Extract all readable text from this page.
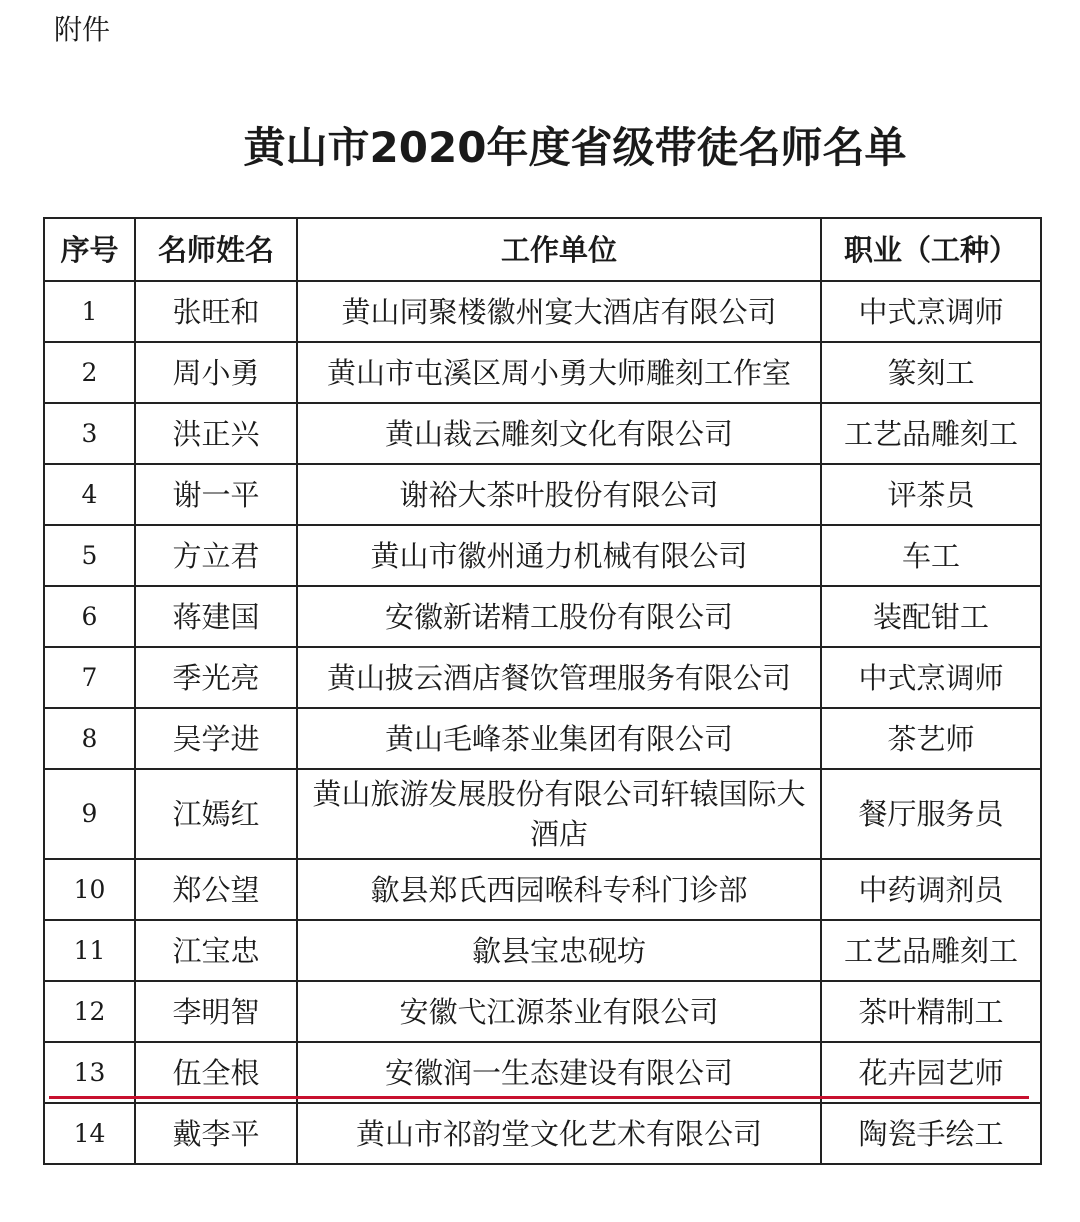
附件
黄山市2020年度省级带徒名师名单
序号	名师姓名	工作单位	职业（工种）
1	张旺和	黄山同聚楼徽州宴大酒店有限公司	中式烹调师
2	周小勇	黄山市屯溪区周小勇大师雕刻工作室	篆刻工
3	洪正兴	黄山裁云雕刻文化有限公司	工艺品雕刻工
4	谢一平	谢裕大茶叶股份有限公司	评茶员
5	方立君	黄山市徽州通力机械有限公司	车工
6	蒋建国	安徽新诺精工股份有限公司	装配钳工
7	季光亮	黄山披云酒店餐饮管理服务有限公司	中式烹调师
8	吴学进	黄山毛峰茶业集团有限公司	茶艺师
9	江嫣红	黄山旅游发展股份有限公司轩辕国际大酒店	餐厅服务员
10	郑公望	歙县郑氏西园喉科专科门诊部	中药调剂员
11	江宝忠	歙县宝忠砚坊	工艺品雕刻工
12	李明智	安徽弋江源茶业有限公司	茶叶精制工
13	伍全根	安徽润一生态建设有限公司	花卉园艺师
14	戴李平	黄山市祁韵堂文化艺术有限公司	陶瓷手绘工
